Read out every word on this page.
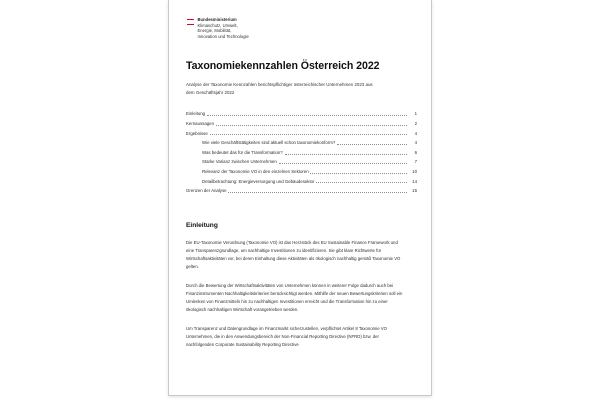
Bundesministerium
Klimaschutz, Umwelt,
Energie, Mobilität,
Innovation und Technologie
Taxonomiekennzahlen Österreich 2022
Analyse der Taxonomie Kennzahlen berichtspflichtiger österreichischer Unternehmen 2023 aus dem Geschäftsjahr 2022
Einleitung	1
Kernaussagen	2
Ergebnisse	4
Wie viele Geschäftstätigkeiten sind aktuell schon taxonomiekonform?	4
Was bedeutet das für die Transformation?	6
Starke Varianz zwischen Unternehmen	7
Relevanz der Taxonomie VO in den einzelnen Sektoren	10
Detailbetrachtung: Energieversorgung und Gebäudesektor	14
Grenzen der Analyse	15
Einleitung

Die EU-Taxonomie Verordnung (Taxonomie VO) ist das Herzstück des EU Sustainable Finance Framework und eine Transparenzgrundlage, um nachhaltige Investitionen zu identifizieren. Sie gibt klare Richtwerte für Wirtschaftsaktivitäten vor, bei deren Einhaltung diese Aktivitäten als ökologisch nachhaltig gemäß Taxonomie VO gelten.

Durch die Bewertung der Wirtschaftsaktivitäten von Unternehmen können in weiterer Folge dadurch auch bei Finanzinstrumenten Nachhaltigkeitskriterien berücksichtigt werden. Mithilfe der neuen Bewertungskriterien soll ein Umlenken von Finanzmitteln hin zu nachhaltigen Investitionen erreicht und die Transformation hin zu einer ökologisch nachhaltigen Wirtschaft vorangetrieben werden.

Um Transparenz und Datengrundlage im Finanzmarkt sicherzustellen, verpflichtet Artikel 8 Taxonomie VO Unternehmen, die in den Anwendungsbereich der Non-Financial Reporting Directive (NFRD) bzw. der nachfolgenden Corporate Sustainability Reporting Directive
